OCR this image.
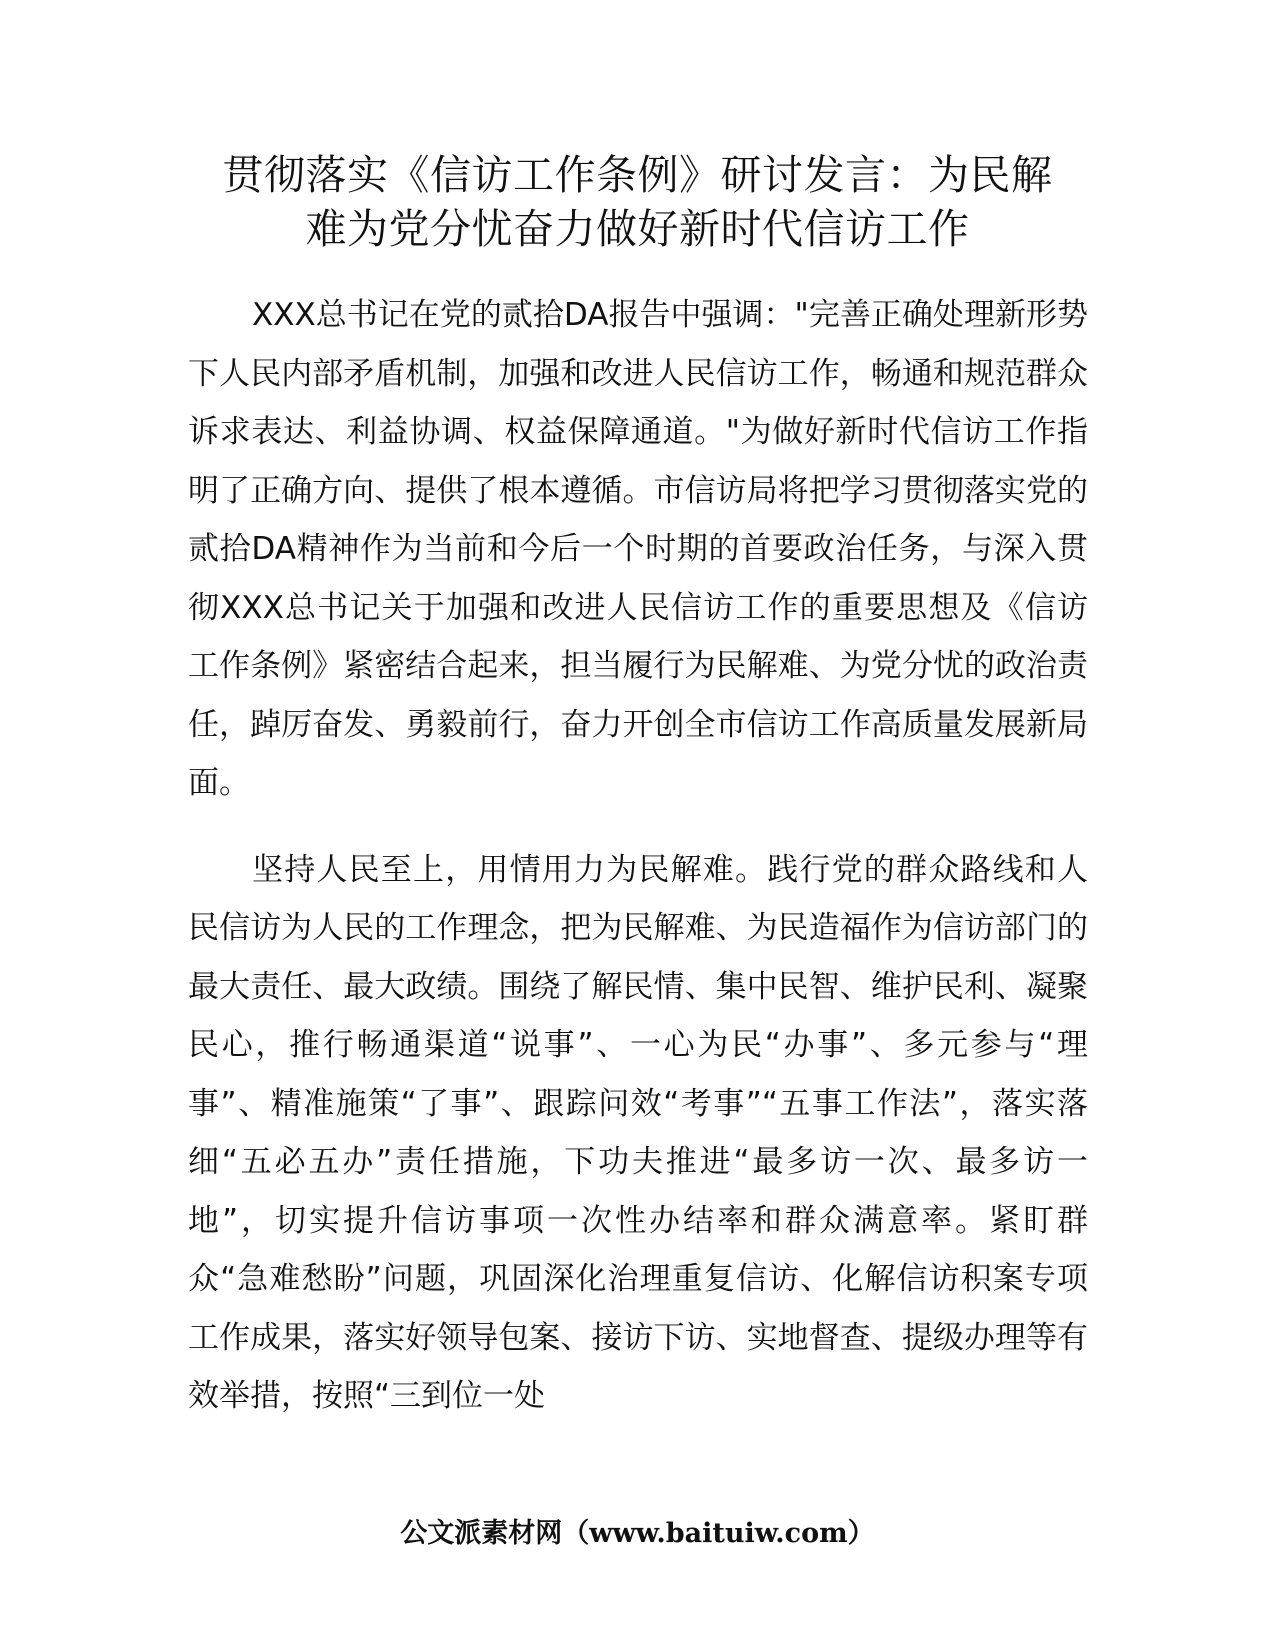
贯彻落实《信访工作条例》研讨发言：为民解
难为党分忧奋力做好新时代信访工作

XXX总书记在党的贰拾DA报告中强调："完善正确处理新形势下人民内部矛盾机制，加强和改进人民信访工作，畅通和规范群众诉求表达、利益协调、权益保障通道。"为做好新时代信访工作指明了正确方向、提供了根本遵循。市信访局将把学习贯彻落实党的贰拾DA精神作为当前和今后一个时期的首要政治任务，与深入贯彻XXX总书记关于加强和改进人民信访工作的重要思想及《信访工作条例》紧密结合起来，担当履行为民解难、为党分忧的政治责任，踔厉奋发、勇毅前行，奋力开创全市信访工作高质量发展新局面。

坚持人民至上，用情用力为民解难。践行党的群众路线和人民信访为人民的工作理念，把为民解难、为民造福作为信访部门的最大责任、最大政绩。围绕了解民情、集中民智、维护民利、凝聚民心，推行畅通渠道“说事”、一心为民“办事”、多元参与“理事”、精准施策“了事”、跟踪问效“考事”“五事工作法”，落实落细“五必五办”责任措施，下功夫推进“最多访一次、最多访一地”，切实提升信访事项一次性办结率和群众满意率。紧盯群众“急难愁盼”问题，巩固深化治理重复信访、化解信访积案专项工作成果，落实好领导包案、接访下访、实地督查、提级办理等有效举措，按照“三到位一处

公文派素材网（www.baituiw.com）
